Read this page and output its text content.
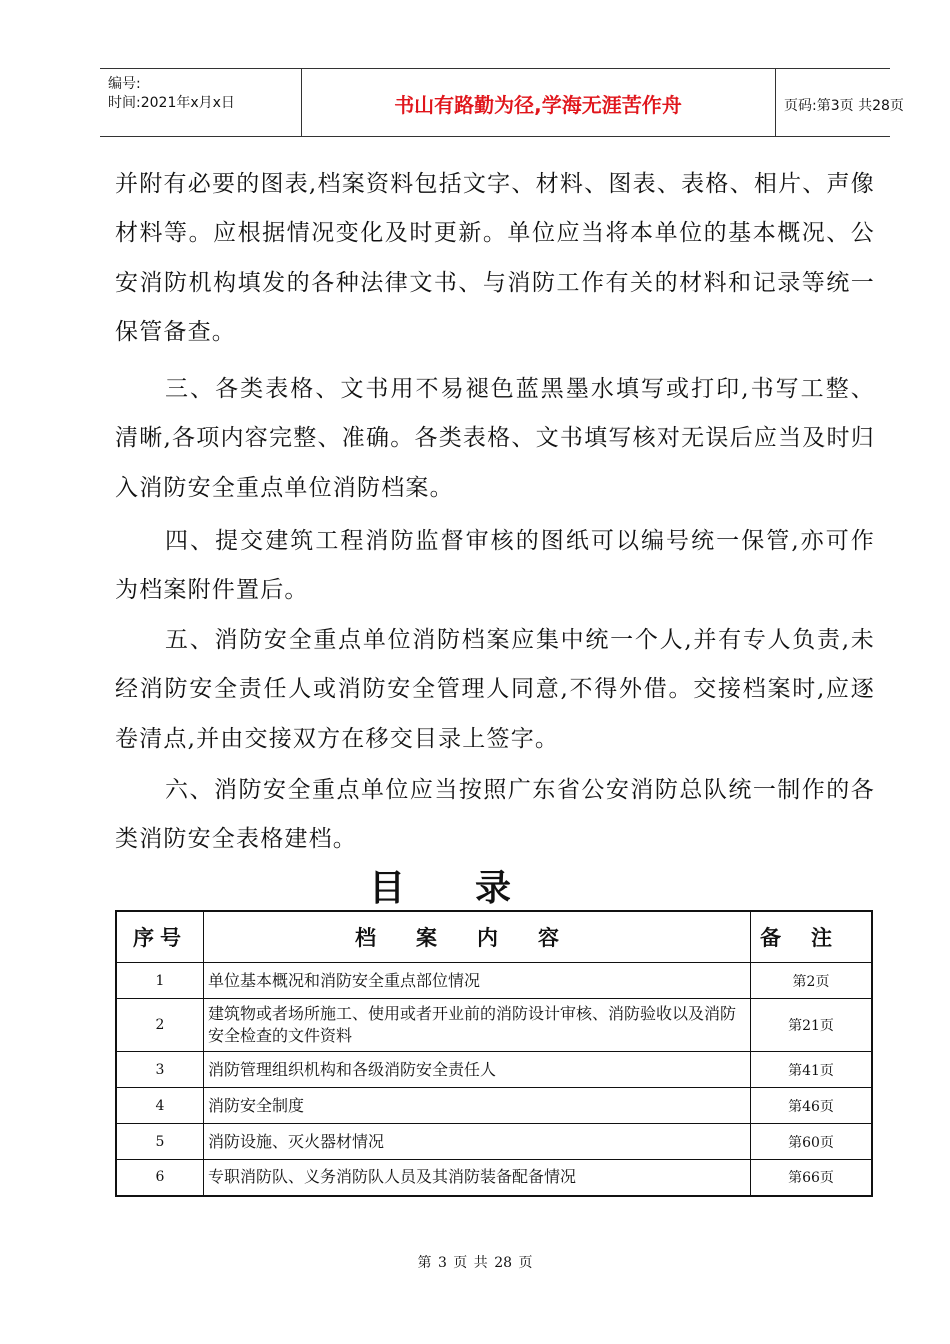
编号:
时间:2021年x月x日	书山有路勤为径,学海无涯苦作舟	页码:第3页 共28页

并附有必要的图表,档案资料包括文字、材料、图表、表格、相片、声像材料等。应根据情况变化及时更新。单位应当将本单位的基本概况、公安消防机构填发的各种法律文书、与消防工作有关的材料和记录等统一保管备查。

三、各类表格、文书用不易褪色蓝黑墨水填写或打印,书写工整、清晰,各项内容完整、准确。各类表格、文书填写核对无误后应当及时归入消防安全重点单位消防档案。

四、提交建筑工程消防监督审核的图纸可以编号统一保管,亦可作为档案附件置后。

五、消防安全重点单位消防档案应集中统一个人,并有专人负责,未经消防安全责任人或消防安全管理人同意,不得外借。交接档案时,应逐卷清点,并由交接双方在移交目录上签字。

六、消防安全重点单位应当按照广东省公安消防总队统一制作的各类消防安全表格建档。

目录
序号	档案内容	备注
1	单位基本概况和消防安全重点部位情况	第2页
2	建筑物或者场所施工、使用或者开业前的消防设计审核、消防验收以及消防安全检查的文件资料	第21页
3	消防管理组织机构和各级消防安全责任人	第41页
4	消防安全制度	第46页
5	消防设施、灭火器材情况	第60页
6	专职消防队、义务消防队人员及其消防装备配备情况	第66页
第 3 页 共 28 页
